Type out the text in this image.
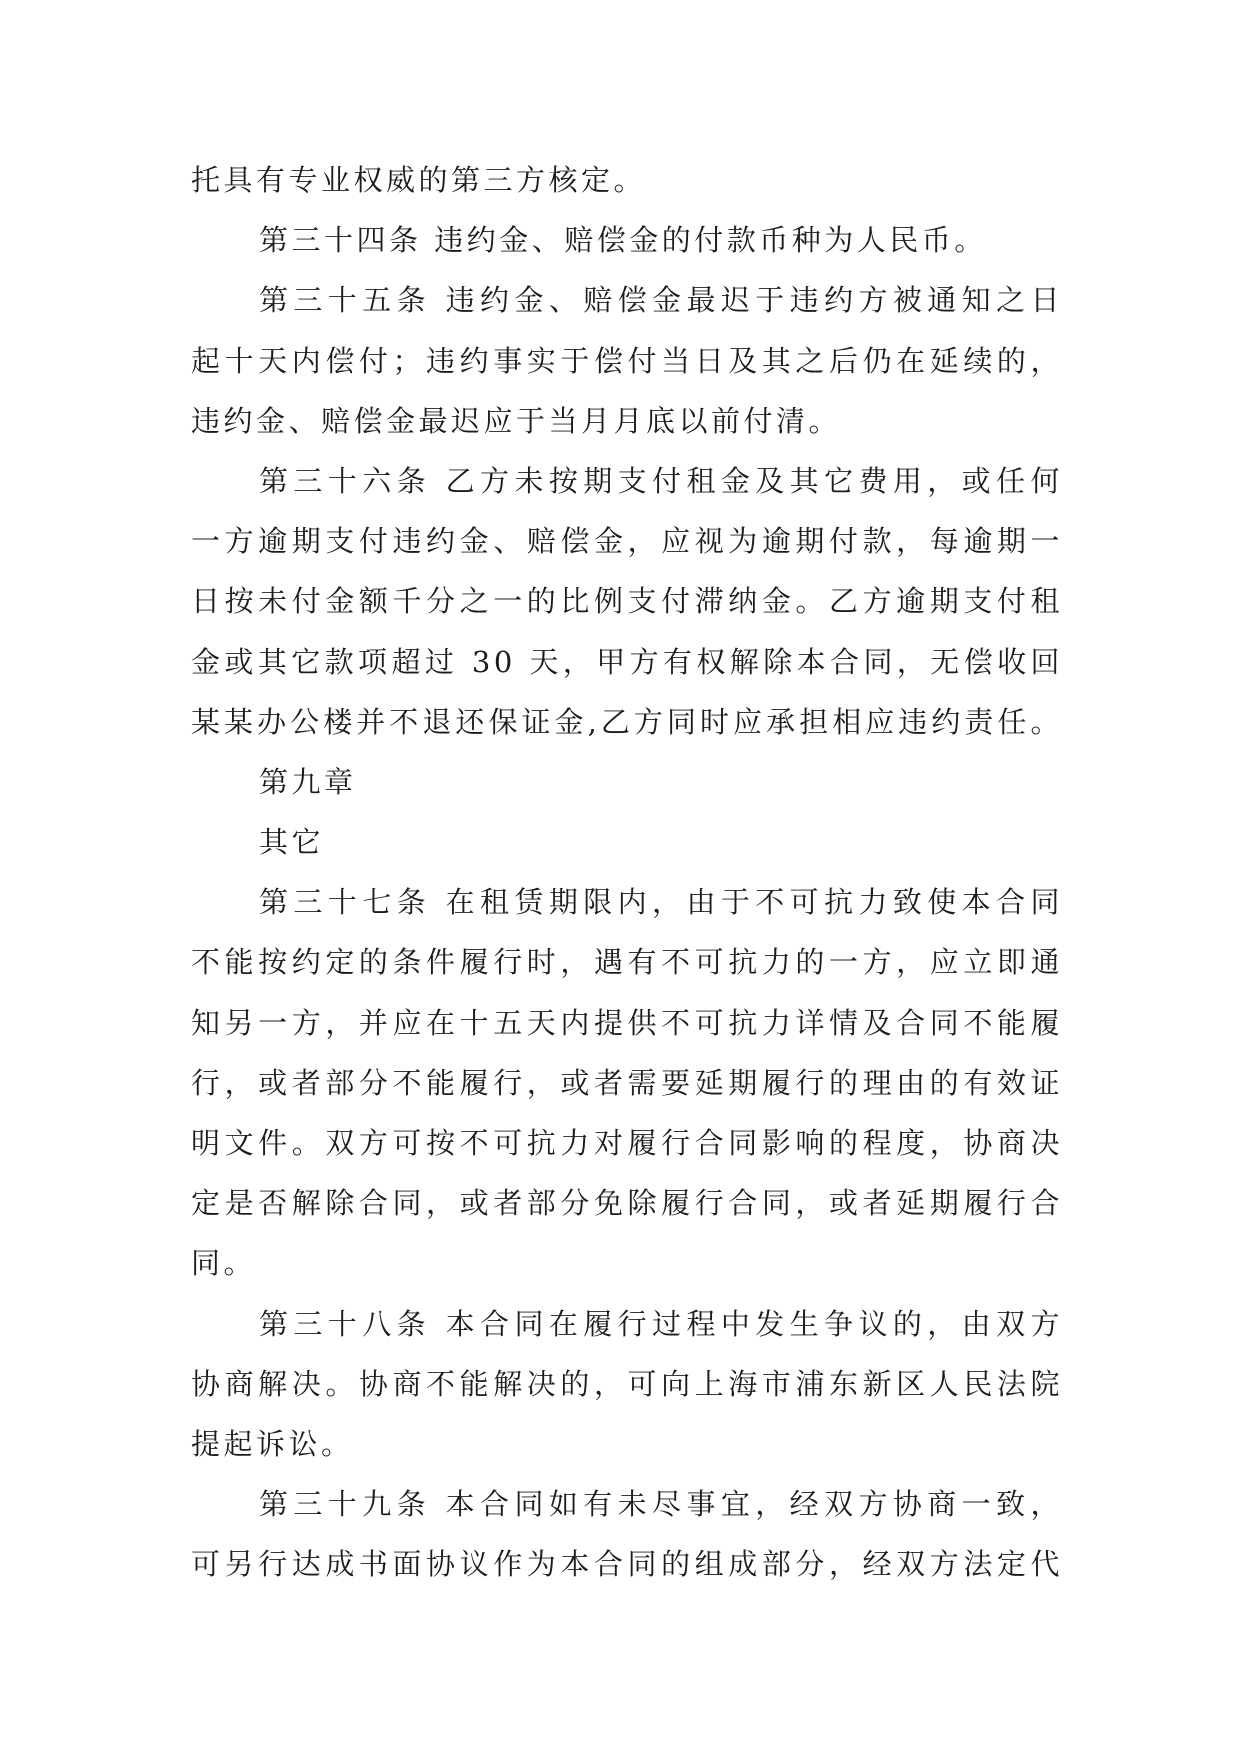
托具有专业权威的第三方核定。
第三十四条 违约金、赔偿金的付款币种为人民币。
第三十五条 违约金、赔偿金最迟于违约方被通知之日
起十天内偿付；违约事实于偿付当日及其之后仍在延续的，
违约金、赔偿金最迟应于当月月底以前付清。
第三十六条 乙方未按期支付租金及其它费用，或任何
一方逾期支付违约金、赔偿金，应视为逾期付款，每逾期一
日按未付金额千分之一的比例支付滞纳金。乙方逾期支付租
金或其它款项超过 30 天，甲方有权解除本合同，无偿收回
某某办公楼并不退还保证金,乙方同时应承担相应违约责任。
第九章
其它
第三十七条 在租赁期限内，由于不可抗力致使本合同
不能按约定的条件履行时，遇有不可抗力的一方，应立即通
知另一方，并应在十五天内提供不可抗力详情及合同不能履
行，或者部分不能履行，或者需要延期履行的理由的有效证
明文件。双方可按不可抗力对履行合同影响的程度，协商决
定是否解除合同，或者部分免除履行合同，或者延期履行合
同。
第三十八条 本合同在履行过程中发生争议的，由双方
协商解决。协商不能解决的，可向上海市浦东新区人民法院
提起诉讼。
第三十九条 本合同如有未尽事宜，经双方协商一致，
可另行达成书面协议作为本合同的组成部分，经双方法定代
